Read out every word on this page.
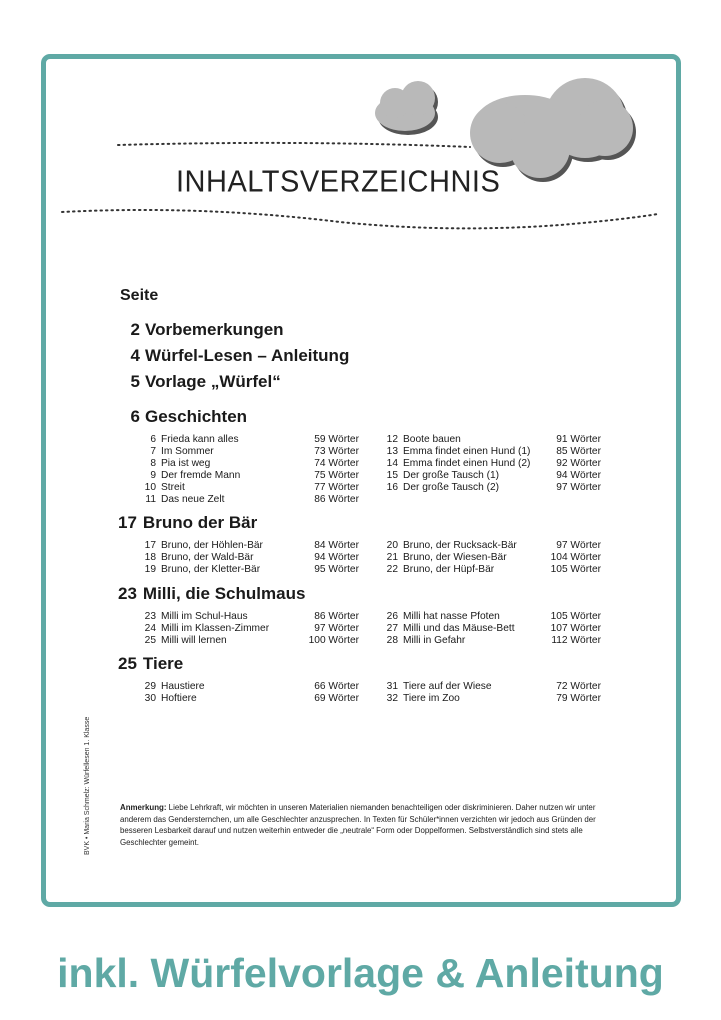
INHALTSVERZEICHNIS
Seite
2 Vorbemerkungen
4 Würfel-Lesen – Anleitung
5 Vorlage „Würfel“
6 Geschichten
6 Frieda kann alles	59 Wörter	12 Boote bauen	91 Wörter
7 Im Sommer	73 Wörter	13 Emma findet einen Hund (1)	85 Wörter
8 Pia ist weg	74 Wörter	14 Emma findet einen Hund (2)	92 Wörter
9 Der fremde Mann	75 Wörter	15 Der große Tausch (1)	94 Wörter
10 Streit	77 Wörter	16 Der große Tausch (2)	97 Wörter
11 Das neue Zelt	86 Wörter
17 Bruno der Bär
17 Bruno, der Höhlen-Bär	84 Wörter	20 Bruno, der Rucksack-Bär	97 Wörter
18 Bruno, der Wald-Bär	94 Wörter	21 Bruno, der Wiesen-Bär	104 Wörter
19 Bruno, der Kletter-Bär	95 Wörter	22 Bruno, der Hüpf-Bär	105 Wörter
23 Milli, die Schulmaus
23 Milli im Schul-Haus	86 Wörter	26 Milli hat nasse Pfoten	105 Wörter
24 Milli im Klassen-Zimmer	97 Wörter	27 Milli und das Mäuse-Bett	107 Wörter
25 Milli will lernen	100 Wörter	28 Milli in Gefahr	112 Wörter
25 Tiere
29 Haustiere	66 Wörter	31 Tiere auf der Wiese	72 Wörter
30 Hoftiere	69 Wörter	32 Tiere im Zoo	79 Wörter
Anmerkung: Liebe Lehrkraft, wir möchten in unseren Materialien niemanden benachteiligen oder diskriminieren. Daher nutzen wir unter anderem das Gendersternchen, um alle Geschlechter anzusprechen. In Texten für Schüler*innen verzichten wir jedoch aus Gründen der besseren Lesbarkeit darauf und nutzen weiterhin entweder die „neutrale“ Form oder Doppelformen. Selbstverständlich sind stets alle Geschlechter gemeint.
BVK • Maria Schmelz: Würfellesen 1. Klasse
inkl. Würfelvorlage & Anleitung
